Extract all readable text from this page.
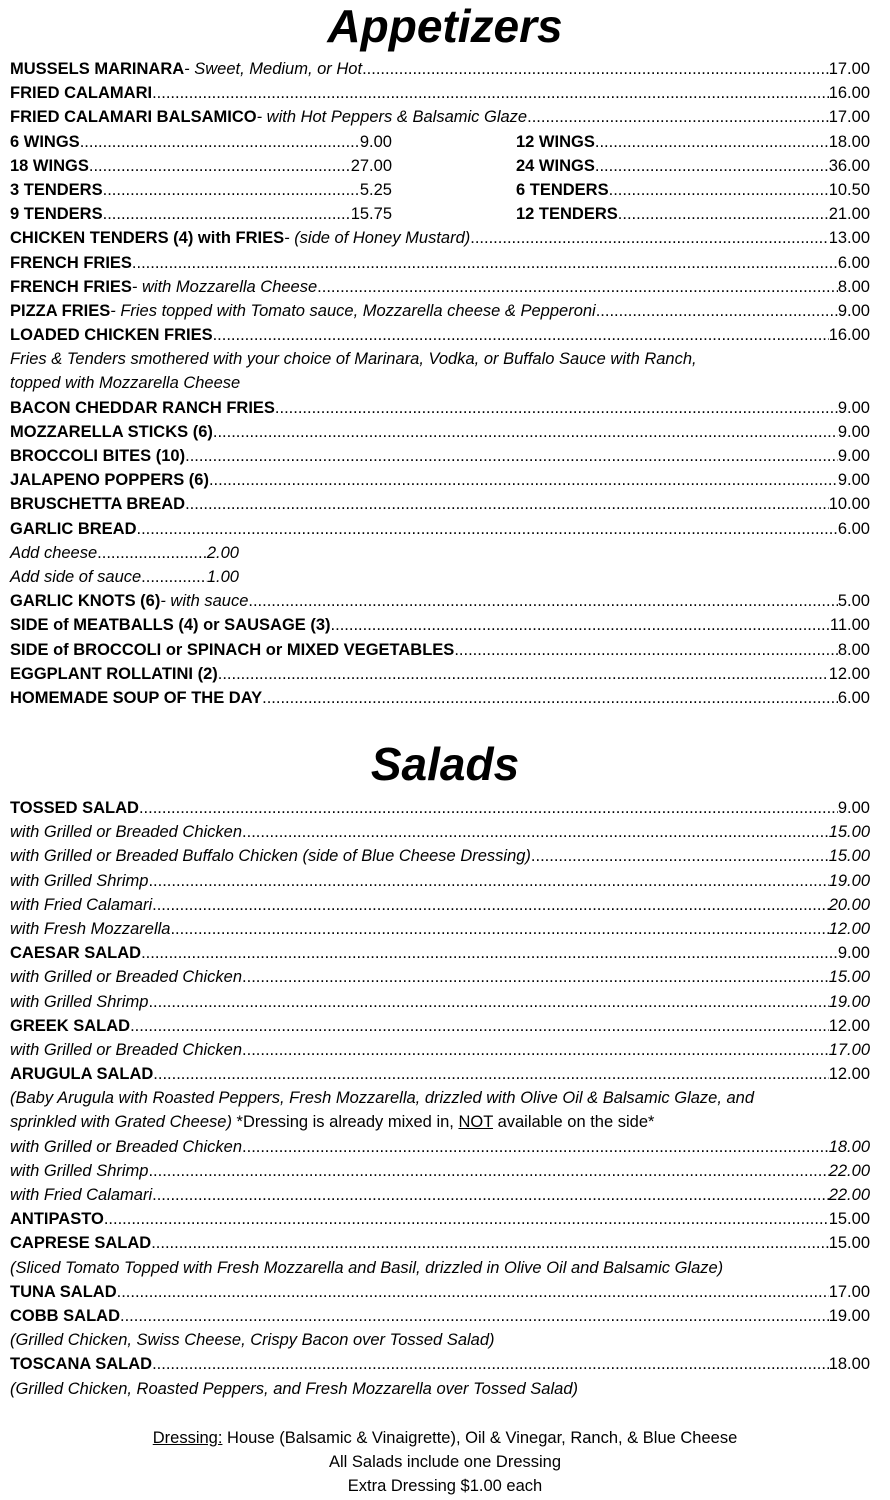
Appetizers
MUSSELS MARINARA - Sweet, Medium, or Hot .....	17.00
FRIED CALAMARI .....	16.00
FRIED CALAMARI BALSAMICO - with Hot Peppers & Balsamic Glaze .....	17.00
6 WINGS .....	9.00	12 WINGS .....	18.00
18 WINGS .....	27.00	24 WINGS .....	36.00
3 TENDERS .....	5.25	6 TENDERS .....	10.50
9 TENDERS .....	15.75	12 TENDERS .....	21.00
CHICKEN TENDERS (4) with FRIES - (side of Honey Mustard) .....	13.00
FRENCH FRIES .....	6.00
FRENCH FRIES - with Mozzarella Cheese .....	8.00
PIZZA FRIES - Fries topped with Tomato sauce, Mozzarella cheese & Pepperoni .....	9.00
LOADED CHICKEN FRIES .....	16.00
Fries & Tenders smothered with your choice of Marinara, Vodka, or Buffalo Sauce with Ranch,
topped with Mozzarella Cheese
BACON CHEDDAR RANCH FRIES .....	9.00
MOZZARELLA STICKS (6) .....	9.00
BROCCOLI BITES (10) .....	9.00
JALAPENO POPPERS (6) .....	9.00
BRUSCHETTA BREAD .....	10.00
GARLIC BREAD .....	6.00
Add cheese .....	2.00
Add side of sauce .....	1.00
GARLIC KNOTS (6) - with sauce .....	5.00
SIDE of MEATBALLS (4) or SAUSAGE (3) .....	11.00
SIDE of BROCCOLI or SPINACH or MIXED VEGETABLES .....	8.00
EGGPLANT ROLLATINI (2) .....	12.00
HOMEMADE SOUP OF THE DAY .....	6.00
Salads
TOSSED SALAD .....	9.00
with Grilled or Breaded Chicken .....	15.00
with Grilled or Breaded Buffalo Chicken (side of Blue Cheese Dressing) .....	15.00
with Grilled Shrimp .....	19.00
with Fried Calamari .....	20.00
with Fresh Mozzarella .....	12.00
CAESAR SALAD .....	9.00
with Grilled or Breaded Chicken .....	15.00
with Grilled Shrimp .....	19.00
GREEK SALAD .....	12.00
with Grilled or Breaded Chicken .....	17.00
ARUGULA SALAD .....	12.00
(Baby Arugula with Roasted Peppers, Fresh Mozzarella, drizzled with Olive Oil & Balsamic Glaze, and
sprinkled with Grated Cheese) *Dressing is already mixed in, NOT available on the side*
with Grilled or Breaded Chicken .....	18.00
with Grilled Shrimp .....	22.00
with Fried Calamari .....	22.00
ANTIPASTO .....	15.00
CAPRESE SALAD .....	15.00
(Sliced Tomato Topped with Fresh Mozzarella and Basil, drizzled in Olive Oil and Balsamic Glaze)
TUNA SALAD .....	17.00
COBB SALAD .....	19.00
(Grilled Chicken, Swiss Cheese, Crispy Bacon over Tossed Salad)
TOSCANA SALAD .....	18.00
(Grilled Chicken, Roasted Peppers, and Fresh Mozzarella over Tossed Salad)
Dressing: House (Balsamic & Vinaigrette), Oil & Vinegar, Ranch, & Blue Cheese
All Salads include one Dressing
Extra Dressing $1.00 each
